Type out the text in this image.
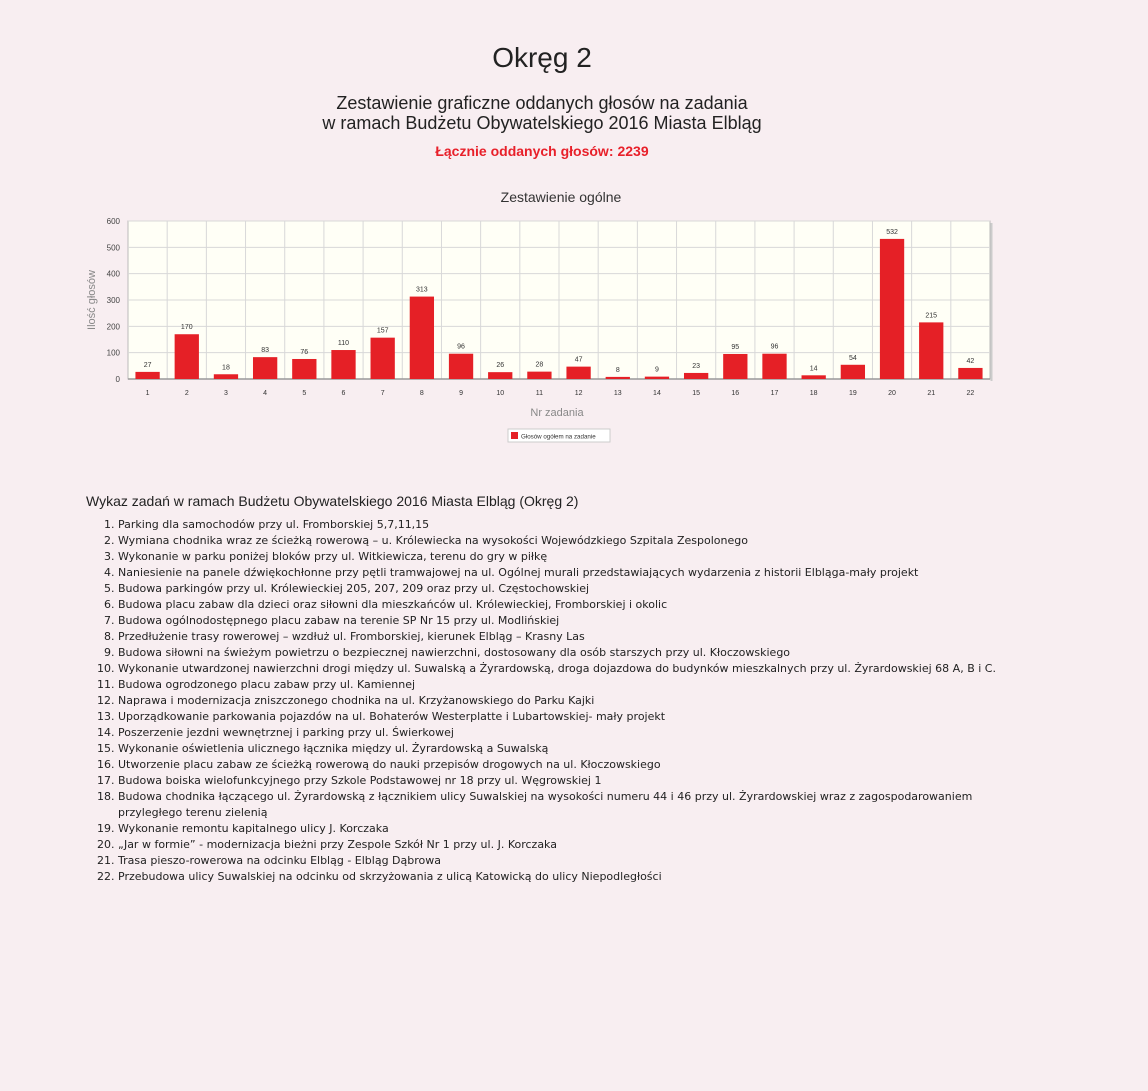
Okręg 2
Zestawienie graficzne oddanych głosów na zadania
w ramach Budżetu Obywatelskiego 2016 Miasta Elbląg
Łącznie oddanych głosów: 2239
Zestawienie ogólne
0
100
200
300
400
500
600
27
1
170
2
18
3
83
4
76
5
110
6
157
7
313
8
96
9
26
10
28
11
47
12
8
13
9
14
23
15
95
16
96
17
14
18
54
19
532
20
215
21
42
22
Nr zadania
Ilość głosów
Głosów ogółem na zadanie
Wykaz zadań w ramach Budżetu Obywatelskiego 2016 Miasta Elbląg (Okręg 2)
1. Parking dla samochodów przy ul. Fromborskiej 5,7,11,15
2. Wymiana chodnika wraz ze ścieżką rowerową – u. Królewiecka na wysokości Wojewódzkiego Szpitala Zespolonego
3. Wykonanie w parku poniżej bloków przy ul. Witkiewicza, terenu do gry w piłkę
4. Naniesienie na panele dźwiękochłonne przy pętli tramwajowej na ul. Ogólnej murali przedstawiających wydarzenia z historii Elbląga-mały projekt
5. Budowa parkingów przy ul. Królewieckiej 205, 207, 209 oraz przy ul. Częstochowskiej
6. Budowa placu zabaw dla dzieci oraz siłowni dla mieszkańców ul. Królewieckiej, Fromborskiej i okolic
7. Budowa ogólnodostępnego placu zabaw na terenie SP Nr 15 przy ul. Modlińskiej
8. Przedłużenie trasy rowerowej – wzdłuż ul. Fromborskiej, kierunek Elbląg – Krasny Las
9. Budowa siłowni na świeżym powietrzu o bezpiecznej nawierzchni, dostosowany dla osób starszych przy ul. Kłoczowskiego
10. Wykonanie utwardzonej nawierzchni drogi między ul. Suwalską a Żyrardowską, droga dojazdowa do budynków mieszkalnych przy ul. Żyrardowskiej 68 A, B i C.
11. Budowa ogrodzonego placu zabaw przy ul. Kamiennej
12. Naprawa i modernizacja zniszczonego chodnika na ul. Krzyżanowskiego do Parku Kajki
13. Uporządkowanie parkowania pojazdów na ul. Bohaterów Westerplatte i Lubartowskiej- mały projekt
14. Poszerzenie jezdni wewnętrznej i parking przy ul. Świerkowej
15. Wykonanie oświetlenia ulicznego łącznika między ul. Żyrardowską a Suwalską
16. Utworzenie placu zabaw ze ścieżką rowerową do nauki przepisów drogowych na ul. Kłoczowskiego
17. Budowa boiska wielofunkcyjnego przy Szkole Podstawowej nr 18 przy ul. Węgrowskiej 1
18. Budowa chodnika łączącego ul. Żyrardowską z łącznikiem ulicy Suwalskiej na wysokości numeru 44 i 46 przy ul. Żyrardowskiej wraz z zagospodarowaniem przyległego terenu zielenią
19. Wykonanie remontu kapitalnego ulicy J. Korczaka
20. „Jar w formie” - modernizacja bieżni przy Zespole Szkół Nr 1 przy ul. J. Korczaka
21. Trasa pieszo-rowerowa na odcinku Elbląg - Elbląg Dąbrowa
22. Przebudowa ulicy Suwalskiej na odcinku od skrzyżowania z ulicą Katowicką do ulicy Niepodległości
